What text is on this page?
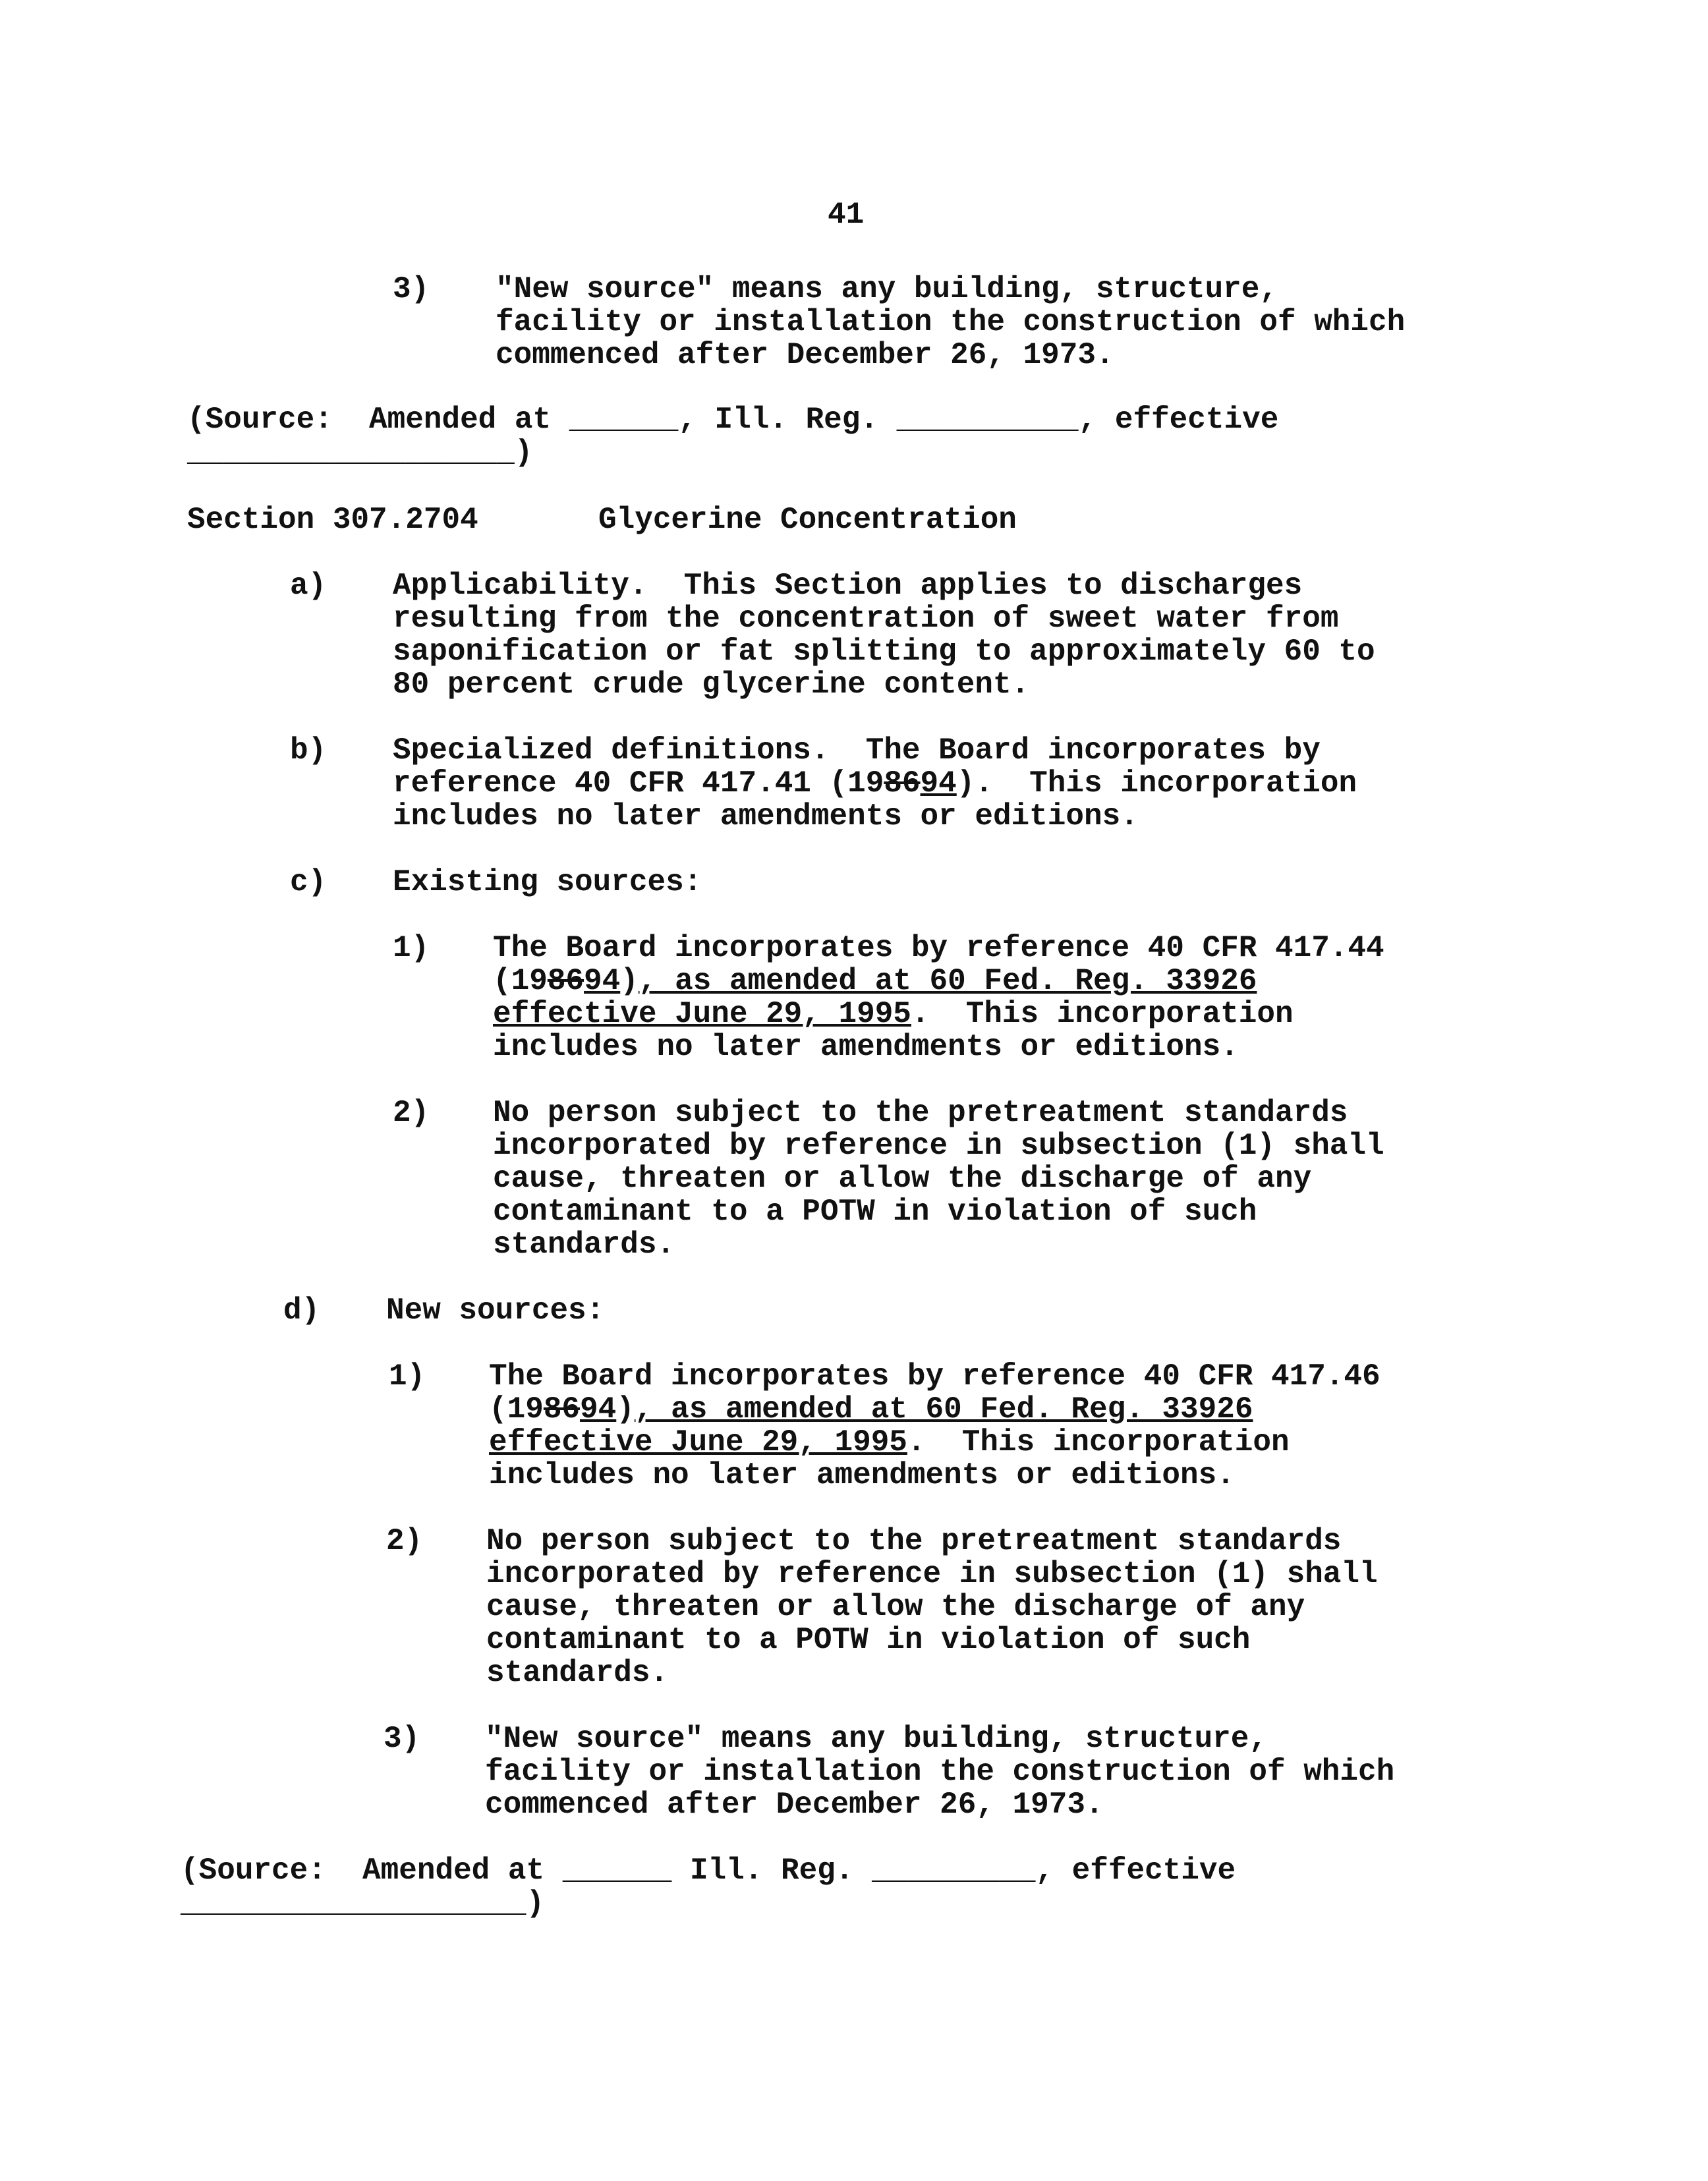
41
3) "New source" means any building, structure,
facility or installation the construction of which
commenced after December 26, 1973.
(Source:  Amended at ______, Ill. Reg. __________, effective
__________________)
Section 307.2704	Glycerine Concentration
a) Applicability.  This Section applies to discharges
resulting from the concentration of sweet water from
saponification or fat splitting to approximately 60 to
80 percent crude glycerine content.
b) Specialized definitions.  The Board incorporates by
reference 40 CFR 417.41 (198694).  This incorporation
includes no later amendments or editions.
c) Existing sources:
1) The Board incorporates by reference 40 CFR 417.44
(198694), as amended at 60 Fed. Reg. 33926
effective June 29, 1995.  This incorporation
includes no later amendments or editions.
2) No person subject to the pretreatment standards
incorporated by reference in subsection (1) shall
cause, threaten or allow the discharge of any
contaminant to a POTW in violation of such
standards.
d) New sources:
1) The Board incorporates by reference 40 CFR 417.46
(198694), as amended at 60 Fed. Reg. 33926
effective June 29, 1995.  This incorporation
includes no later amendments or editions.
2) No person subject to the pretreatment standards
incorporated by reference in subsection (1) shall
cause, threaten or allow the discharge of any
contaminant to a POTW in violation of such
standards.
3) "New source" means any building, structure,
facility or installation the construction of which
commenced after December 26, 1973.
(Source:  Amended at ______ Ill. Reg. _________, effective
___________________)
